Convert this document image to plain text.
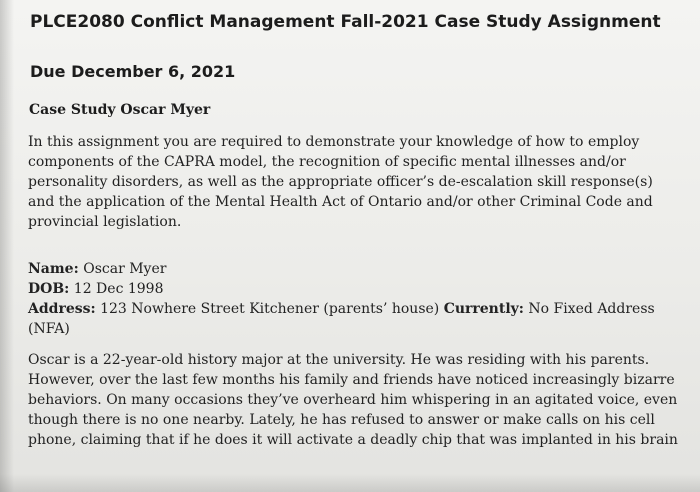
PLCE2080 Conflict Management Fall-2021 Case Study Assignment
Due December 6, 2021
Case Study Oscar Myer
In this assignment you are required to demonstrate your knowledge of how to employ
components of the CAPRA model, the recognition of specific mental illnesses and/or
personality disorders, as well as the appropriate officer’s de-escalation skill response(s)
and the application of the Mental Health Act of Ontario and/or other Criminal Code and
provincial legislation.
Name: Oscar Myer
DOB: 12 Dec 1998
Address: 123 Nowhere Street Kitchener (parents’ house) Currently: No Fixed Address
(NFA)
Oscar is a 22-year-old history major at the university. He was residing with his parents.
However, over the last few months his family and friends have noticed increasingly bizarre
behaviors. On many occasions they’ve overheard him whispering in an agitated voice, even
though there is no one nearby. Lately, he has refused to answer or make calls on his cell
phone, claiming that if he does it will activate a deadly chip that was implanted in his brain
